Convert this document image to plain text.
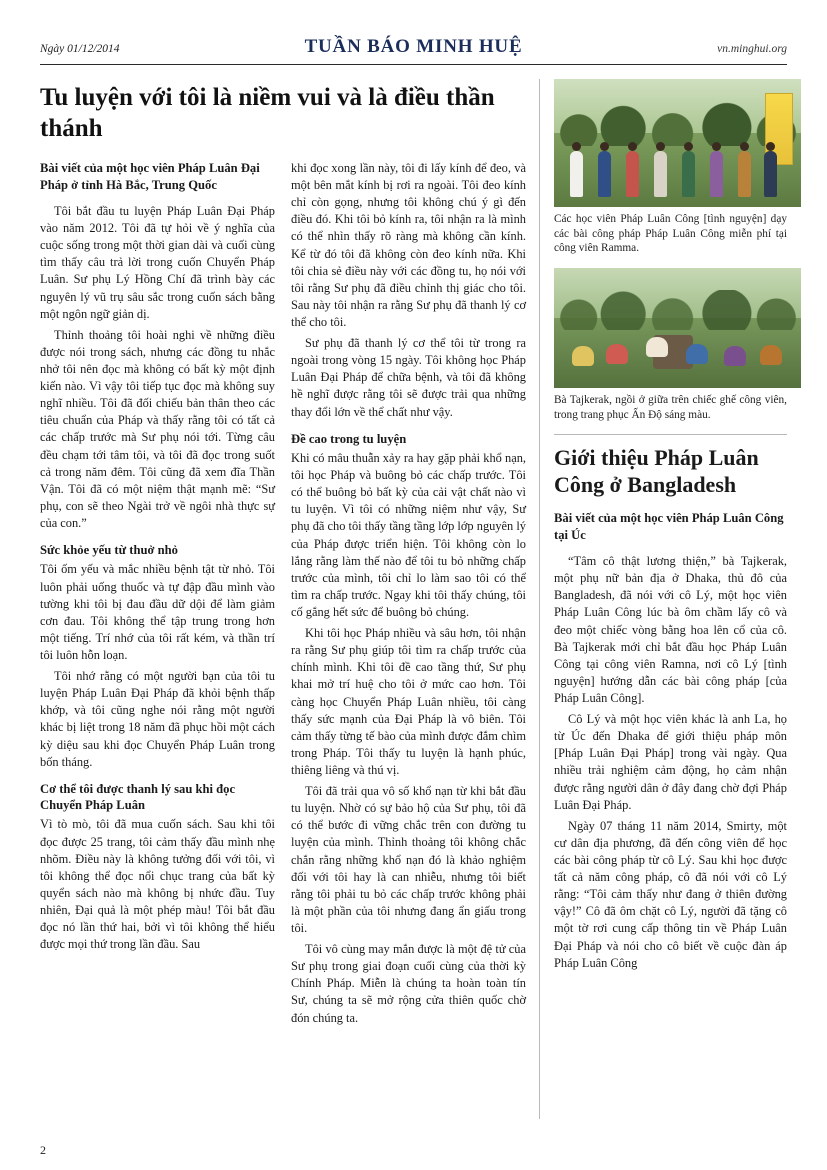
Ngày 01/12/2014	TUẦN BÁO MINH HUỆ	vn.minghui.org
Tu luyện với tôi là niềm vui và là điều thần thánh
Bài viết của một học viên Pháp Luân Đại Pháp ở tỉnh Hà Bắc, Trung Quốc

Tôi bắt đầu tu luyện Pháp Luân Đại Pháp vào năm 2012. Tôi đã tự hỏi về ý nghĩa của cuộc sống trong một thời gian dài và cuối cùng tìm thấy câu trả lời trong cuốn Chuyển Pháp Luân. Sư phụ Lý Hồng Chí đã trình bày các nguyên lý vũ trụ sâu sắc trong cuốn sách bằng một ngôn ngữ giản dị.

Thỉnh thoảng tôi hoài nghi về những điều được nói trong sách, nhưng các đồng tu nhắc nhở tôi nên đọc mà không có bất kỳ một định kiến nào. Vì vậy tôi tiếp tục đọc mà không suy nghĩ nhiều. Tôi đã đối chiếu bản thân theo các tiêu chuẩn của Pháp và thấy rằng tôi có tất cả các chấp trước mà Sư phụ nói tới. Từng câu đều chạm tới tâm tôi, và tôi đã đọc trong suốt cả trong năm đêm. Tôi cũng đã xem đĩa Thần Vận. Tôi đã có một niệm thật mạnh mẽ: “Sư phụ, con sẽ theo Ngài trở về ngôi nhà thực sự của con.”

Sức khỏe yếu từ thuở nhỏ

Tôi ốm yếu và mắc nhiều bệnh tật từ nhỏ. Tôi luôn phải uống thuốc và tự đập đầu mình vào tường khi tôi bị đau đầu dữ dội để làm giảm cơn đau. Tôi không thể tập trung trong hơn một tiếng. Trí nhớ của tôi rất kém, và thần trí tôi luôn hỗn loạn.

Tôi nhớ rằng có một người bạn của tôi tu luyện Pháp Luân Đại Pháp đã khỏi bệnh thấp khớp, và tôi cũng nghe nói rằng một người khác bị liệt trong 18 năm đã phục hồi một cách kỳ diệu sau khi đọc Chuyển Pháp Luân trong bốn tháng.

Cơ thể tôi được thanh lý sau khi đọc Chuyển Pháp Luân

Vì tò mò, tôi đã mua cuốn sách. Sau khi tôi đọc được 25 trang, tôi cảm thấy đầu mình nhẹ nhõm. Điều này là không tưởng đối với tôi, vì tôi không thể đọc nổi chục trang của bất kỳ quyển sách nào mà không bị nhức đầu. Tuy nhiên, Đại quả là một phép màu! Tôi bắt đầu đọc nó lần thứ hai, bởi vì tôi không thể hiểu được mọi thứ trong lần đầu. Sau

khi đọc xong lần này, tôi đi lấy kính để đeo, và một bên mắt kính bị rơi ra ngoài. Tôi đeo kính chỉ còn gọng, nhưng tôi không chú ý gì đến điều đó. Khi tôi bỏ kính ra, tôi nhận ra là mình có thể nhìn thấy rõ ràng mà không cần kính. Kể từ đó tôi đã không còn đeo kính nữa. Khi tôi chia sẻ điều này với các đồng tu, họ nói với tôi rằng Sư phụ đã điều chỉnh thị giác cho tôi. Sau này tôi nhận ra rằng Sư phụ đã thanh lý cơ thể cho tôi.

Sư phụ đã thanh lý cơ thể tôi từ trong ra ngoài trong vòng 15 ngày. Tôi không học Pháp Luân Đại Pháp để chữa bệnh, và tôi đã không hề nghĩ được rằng tôi sẽ được trải qua những thay đổi lớn về thể chất như vậy.

Đề cao trong tu luyện

Khi có mâu thuẫn xảy ra hay gặp phải khổ nạn, tôi học Pháp và buông bỏ các chấp trước. Tôi có thể buông bỏ bất kỳ của cải vật chất nào vì tu luyện. Vì tôi có những niệm như vậy, Sư phụ đã cho tôi thấy tầng tầng lớp lớp nguyên lý của Pháp được triển hiện. Tôi không còn lo lắng rằng làm thế nào để tôi tu bỏ những chấp trước của mình, tôi chỉ lo làm sao tôi có thể tìm ra chấp trước. Ngay khi tôi thấy chúng, tôi cố gắng hết sức để buông bỏ chúng.

Khi tôi học Pháp nhiều và sâu hơn, tôi nhận ra rằng Sư phụ giúp tôi tìm ra chấp trước của chính mình. Khi tôi đề cao tầng thứ, Sư phụ khai mở trí huệ cho tôi ở mức cao hơn. Tôi càng học Chuyển Pháp Luân nhiều, tôi càng thấy sức mạnh của Đại Pháp là vô biên. Tôi cảm thấy từng tế bào của mình được đắm chìm trong Pháp. Tôi thấy tu luyện là hạnh phúc, thiêng liêng và thú vị.

Tôi đã trải qua vô số khổ nạn từ khi bắt đầu tu luyện. Nhờ có sự bảo hộ của Sư phụ, tôi đã có thể bước đi vững chắc trên con đường tu luyện của mình. Thỉnh thoảng tôi không chắc chắn rằng những khổ nạn đó là khảo nghiệm đối với tôi hay là can nhiễu, nhưng tôi biết rằng tôi phải tu bỏ các chấp trước không phải là một phần của tôi nhưng đang ẩn giấu trong tôi.

Tôi vô cùng may mắn được là một đệ tử của Sư phụ trong giai đoạn cuối cùng của thời kỳ Chính Pháp. Miễn là chúng ta hoàn toàn tín Sư, chúng ta sẽ mở rộng cửa thiên quốc chờ đón chúng ta.

Các học viên Pháp Luân Công [tình nguyện] dạy các bài công pháp Pháp Luân Công miễn phí tại công viên Ramma.
Bà Tajkerak, ngồi ở giữa trên chiếc ghế công viên, trong trang phục Ấn Độ sáng màu.
Giới thiệu Pháp Luân Công ở Bangladesh
Bài viết của một học viên Pháp Luân Công tại Úc

“Tâm cô thật lương thiện,” bà Tajkerak, một phụ nữ bản địa ở Dhaka, thủ đô của Bangladesh, đã nói với cô Lý, một học viên Pháp Luân Công lúc bà ôm chầm lấy cô và đeo một chiếc vòng bằng hoa lên cổ của cô. Bà Tajkerak mới chỉ bắt đầu học Pháp Luân Công tại công viên Ramna, nơi cô Lý [tình nguyện] hướng dẫn các bài công pháp [của Pháp Luân Công].

Cô Lý và một học viên khác là anh La, họ từ Úc đến Dhaka để giới thiệu pháp môn [Pháp Luân Đại Pháp] trong vài ngày. Qua nhiều trải nghiệm cảm động, họ cảm nhận được rằng người dân ở đây đang chờ đợi Pháp Luân Đại Pháp.

Ngày 07 tháng 11 năm 2014, Smirty, một cư dân địa phương, đã đến công viên để học các bài công pháp từ cô Lý. Sau khi học được tất cả năm công pháp, cô đã nói với cô Lý rằng: “Tôi cảm thấy như đang ở thiên đường vậy!” Cô đã ôm chặt cô Lý, người đã tặng cô một tờ rơi cung cấp thông tin về Pháp Luân Đại Pháp và nói cho cô biết về cuộc đàn áp Pháp Luân Công

2
